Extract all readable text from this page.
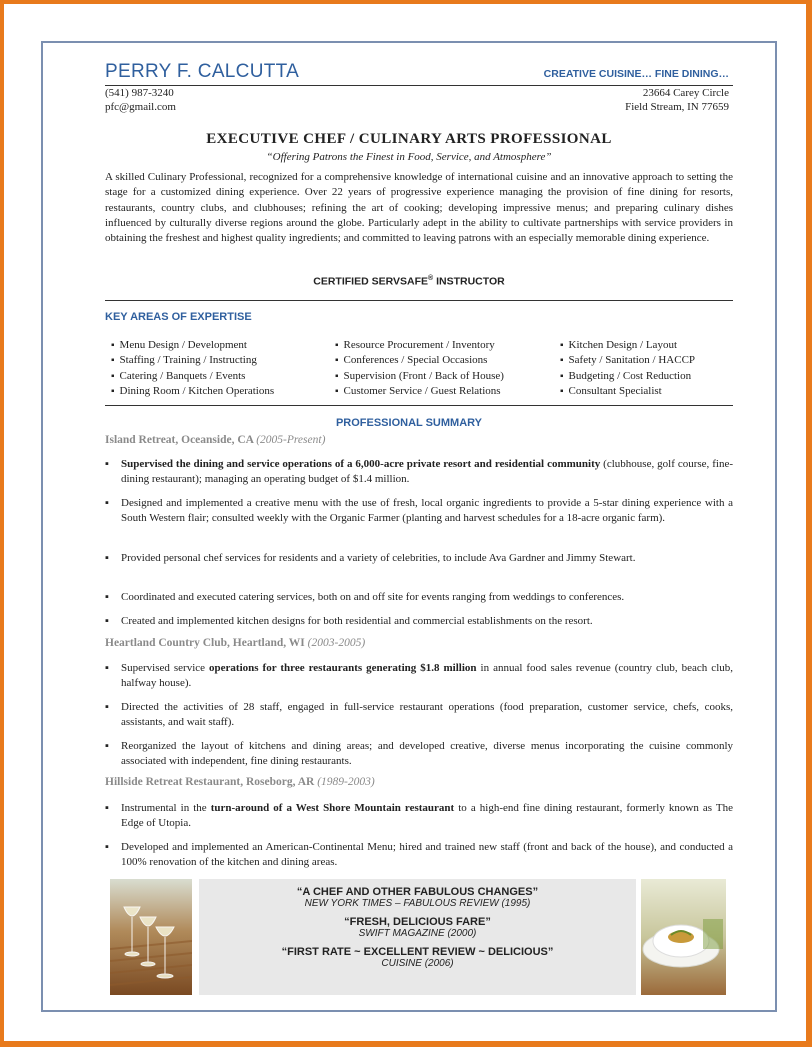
PERRY F. CALCUTTA	CREATIVE CUISINE… FINE DINING…
(541) 987-3240
pfc@gmail.com
23664 Carey Circle
Field Stream, IN 77659
EXECUTIVE CHEF / CULINARY ARTS PROFESSIONAL
“Offering Patrons the Finest in Food, Service, and Atmosphere”
A skilled Culinary Professional, recognized for a comprehensive knowledge of international cuisine and an innovative approach to setting the stage for a customized dining experience. Over 22 years of progressive experience managing the provision of fine dining for resorts, restaurants, country clubs, and clubhouses; refining the art of cooking; developing impressive menus; and preparing culinary dishes influenced by culturally diverse regions around the globe. Particularly adept in the ability to cultivate partnerships with service providers in obtaining the freshest and highest quality ingredients; and committed to leaving patrons with an especially memorable dining experience.
CERTIFIED SERVSAFE® INSTRUCTOR
KEY AREAS OF EXPERTISE
▪ Menu Design / Development
▪ Staffing / Training / Instructing
▪ Catering / Banquets / Events
▪ Dining Room / Kitchen Operations
▪ Resource Procurement / Inventory
▪ Conferences / Special Occasions
▪ Supervision (Front / Back of House)
▪ Customer Service / Guest Relations
▪ Kitchen Design / Layout
▪ Safety / Sanitation / HACCP
▪ Budgeting / Cost Reduction
▪ Consultant Specialist
PROFESSIONAL SUMMARY
Island Retreat, Oceanside, CA (2005-Present)
▪ Supervised the dining and service operations of a 6,000-acre private resort and residential community (clubhouse, golf course, fine-dining restaurant); managing an operating budget of $1.4 million.
▪ Designed and implemented a creative menu with the use of fresh, local organic ingredients to provide a 5-star dining experience with a South Western flair; consulted weekly with the Organic Farmer (planting and harvest schedules for a 18-acre organic farm).
▪ Provided personal chef services for residents and a variety of celebrities, to include Ava Gardner and Jimmy Stewart.
▪ Coordinated and executed catering services, both on and off site for events ranging from weddings to conferences.
▪ Created and implemented kitchen designs for both residential and commercial establishments on the resort.
Heartland Country Club, Heartland, WI (2003-2005)
▪ Supervised service operations for three restaurants generating $1.8 million in annual food sales revenue (country club, beach club, halfway house).
▪ Directed the activities of 28 staff, engaged in full-service restaurant operations (food preparation, customer service, chefs, cooks, assistants, and wait staff).
▪ Reorganized the layout of kitchens and dining areas; and developed creative, diverse menus incorporating the cuisine commonly associated with independent, fine dining restaurants.
Hillside Retreat Restaurant, Roseborg, AR (1989-2003)
▪ Instrumental in the turn-around of a West Shore Mountain restaurant to a high-end fine dining restaurant, formerly known as The Edge of Utopia.
▪ Developed and implemented an American-Continental Menu; hired and trained new staff (front and back of the house), and conducted a 100% renovation of the kitchen and dining areas.
“A CHEF AND OTHER FABULOUS CHANGES”
NEW YORK TIMES – FABULOUS REVIEW (1995)
“FRESH, DELICIOUS FARE”
SWIFT MAGAZINE (2000)
“FIRST RATE ~ EXCELLENT REVIEW ~ DELICIOUS”
CUISINE (2006)
